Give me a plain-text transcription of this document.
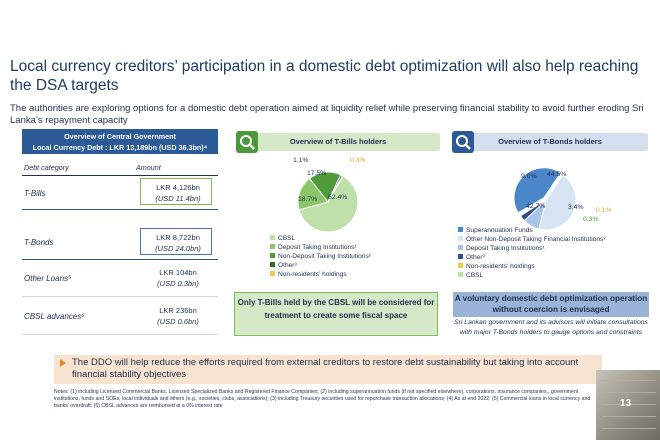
Local currency creditors’ participation in a domestic debt optimization will also help reaching the DSA targets
The authorities are exploring options for a domestic debt operation aimed at liquidity relief while preserving financial stability to avoid further eroding Sri Lanka’s repayment capacity
Overview of Central Government
Local Currency Debt : LKR 13,189bn (USD 36.3bn)⁴
Debt category	Amount
T-Bills
LKR 4,126bn
(USD 11.4bn)
T-Bonds
LKR 8,722bn
(USD 24.0bn)
Other Loans⁵
LKR 104bn
(USD 0.3bn)
CBSL advances⁶
LKR 236bn
(USD 0.6bn)
Overview of T-Bills holders
1.1%	0.3%
17.5%
18.7% 62.4%
CBSL
Deposit Taking Institutions¹
Non-Deposit Taking Institutions²
Other³
Non-residents’ holdings
Overview of T-Bonds holders
9.0% 44.5%
42.7%	3.4% 0.1%
0.3%
Superannuation Funds
Other Non-Deposit Taking Financial Institutions²
Deposit Taking Institutions¹
Other³
Non-residents’ holdings
CBSL
Only T-Bills held by the CBSL will be considered for treatment to create some fiscal space
A voluntary domestic debt optimization operation without coercion is envisaged
Sri Lankan government and its advisors will initiate consultations with major T-Bonds holders to gauge options and constraints
The DDO will help reduce the efforts required from external creditors to restore debt sustainability but taking into account financial stability objectives
Notes: (1) including Licensed Commercial Banks, Licensed Specialized Banks and Registered Finance Companies; (2) including superannuation funds (if not specified elsewhere), corporations, insurance companies,, government institutions, funds and SOEs, local individuals and others (e.g., societies, clubs, associations); (3) including Treasury securities used for repurchase transaction allocations; (4) As at end 2022; (5) Commercial loans in local currency and banks’ overdraft; (6) CBSL advances are reimbursed at a 0% interest rate	13
